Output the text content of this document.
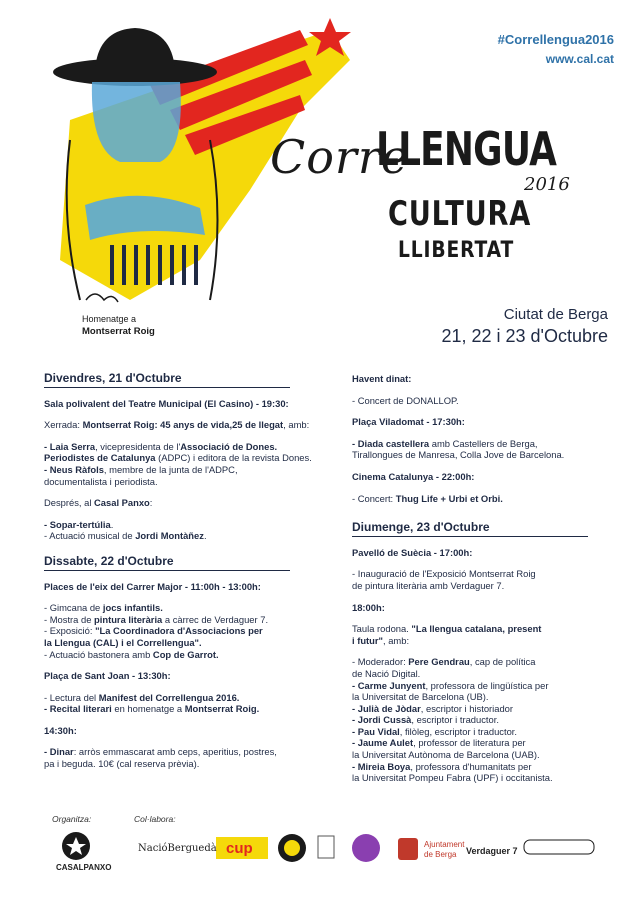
#Correllengua2016
www.cal.cat
Corre
LLENGUA
2016
CULTURA
LLIBERTAT
Homenatge a
Montserrat Roig
Ciutat de Berga
21, 22 i 23 d'Octubre
Divendres, 21 d'Octubre
Sala polivalent del Teatre Municipal (El Casino) - 19:30:
Xerrada: Montserrat Roig: 45 anys de vida,25 de llegat, amb:
- Laia Serra, vicepresidenta de l'Associació de Dones.
Periodistes de Catalunya (ADPC) i editora de la revista Dones.
- Neus Ràfols, membre de la junta de l'ADPC,
documentalista i periodista.
Després, al Casal Panxo:
- Sopar-tertúlia.
- Actuació musical de Jordi Montàñez.
Dissabte, 22 d'Octubre
Places de l'eix del Carrer Major - 11:00h - 13:00h:
- Gimcana de jocs infantils.
- Mostra de pintura literària a càrrec de Verdaguer 7.
- Exposició: "La Coordinadora d'Associacions per
la Llengua (CAL) i el Correllengua".
- Actuació bastonera amb Cop de Garrot.
Plaça de Sant Joan - 13:30h:
- Lectura del Manifest del Correllengua 2016.
- Recital literari en homenatge a Montserrat Roig.
14:30h:
- Dinar: arròs emmascarat amb ceps, aperitius, postres,
pa i beguda. 10€ (cal reserva prèvia).
Havent dinat:
- Concert de DONALLOP.
Plaça Viladomat - 17:30h:
- Diada castellera amb Castellers de Berga,
Tirallongues de Manresa, Colla Jove de Barcelona.
Cinema Catalunya - 22:00h:
- Concert: Thug Life + Urbi et Orbi.
Diumenge, 23 d'Octubre
Pavelló de Suècia - 17:00h:
- Inauguració de l'Exposició Montserrat Roig
de pintura literària amb Verdaguer 7.
18:00h:
Taula rodona. "La llengua catalana, present
i futur", amb:
- Moderador: Pere Gendrau, cap de política
de Nació Digital.
- Carme Junyent, professora de lingüística per
la Universitat de Barcelona (UB).
- Julià de Jòdar, escriptor i historiador
- Jordi Cussà, escriptor i traductor.
- Pau Vidal, filòleg, escriptor i traductor.
- Jaume Aulet, professor de literatura per
la Universitat Autònoma de Barcelona (UAB).
- Mireia Boya, professora d'humanitats per
la Universitat Pompeu Fabra (UPF) i occitanista.
Organitza:	Col·labora:
CASALPANXO
NacióBerguedà cup	Ajuntament
de Berga Verdaguer 7
